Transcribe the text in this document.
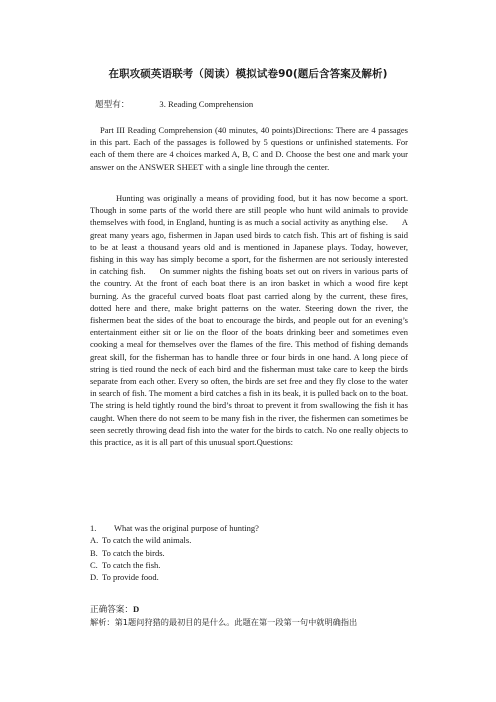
在职攻硕英语联考（阅读）模拟试卷90(题后含答案及解析)
题型有：	3. Reading Comprehension
Part III Reading Comprehension (40 minutes, 40 points)Directions: There are 4 passages in this part. Each of the passages is followed by 5 questions or unfinished statements. For each of them there are 4 choices marked A, B, C and D. Choose the best one and mark your answer on the ANSWER SHEET with a single line through the center.
Hunting was originally a means of providing food, but it has now become a sport. Though in some parts of the world there are still people who hunt wild animals to provide themselves with food, in England, hunting is as much a social activity as anything else. A great many years ago, fishermen in Japan used birds to catch fish. This art of fishing is said to be at least a thousand years old and is mentioned in Japanese plays. Today, however, fishing in this way has simply become a sport, for the fishermen are not seriously interested in catching fish. On summer nights the fishing boats set out on rivers in various parts of the country. At the front of each boat there is an iron basket in which a wood fire kept burning. As the graceful curved boats float past carried along by the current, these fires, dotted here and there, make bright patterns on the water. Steering down the river, the fishermen beat the sides of the boat to encourage the birds, and people out for an evening’s entertainment either sit or lie on the floor of the boats drinking beer and sometimes even cooking a meal for themselves over the flames of the fire. This method of fishing demands great skill, for the fisherman has to handle three or four birds in one hand. A long piece of string is tied round the neck of each bird and the fisherman must take care to keep the birds separate from each other. Every so often, the birds are set free and they fly close to the water in search of fish. The moment a bird catches a fish in its beak, it is pulled back on to the boat. The string is held tightly round the bird’s throat to prevent it from swallowing the fish it has caught. When there do not seem to be many fish in the river, the fishermen can sometimes be seen secretly throwing dead fish into the water for the birds to catch. No one really objects to this practice, as it is all part of this unusual sport.Questions:
1. What was the original purpose of hunting?
A. To catch the wild animals.
B. To catch the birds.
C. To catch the fish.
D. To provide food.
正确答案：D
解析：第1题问狩猎的最初目的是什么。此题在第一段第一句中就明确指出
